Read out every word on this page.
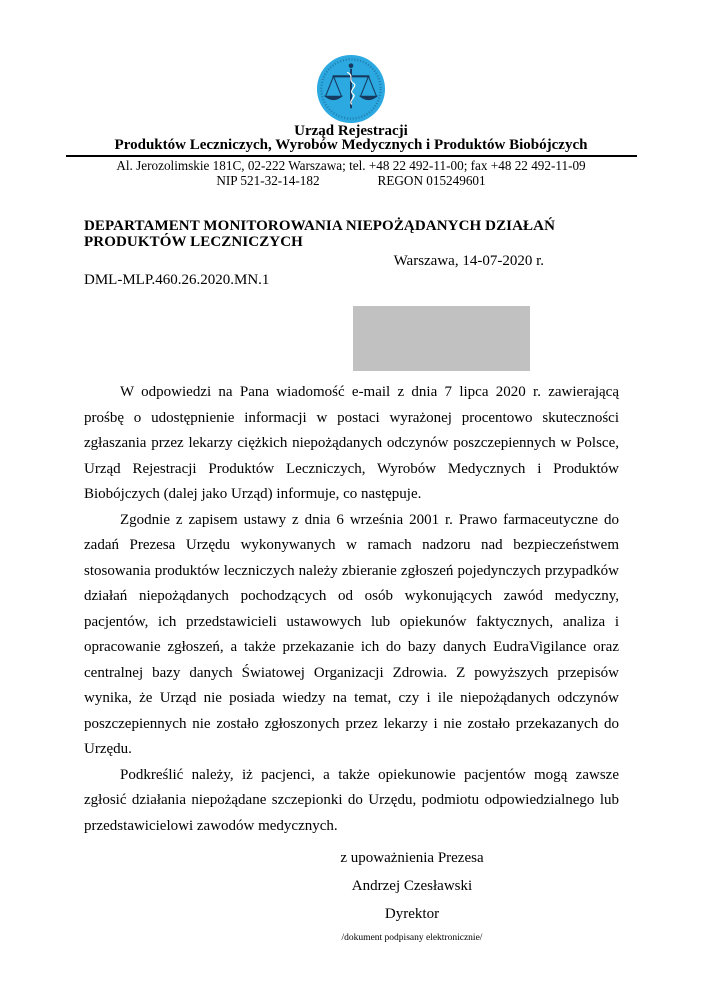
Urząd Rejestracji
Produktów Leczniczych, Wyrobów Medycznych i Produktów Biobójczych
Al. Jerozolimskie 181C, 02-222 Warszawa; tel. +48 22 492-11-00; fax +48 22 492-11-09
NIP 521-32-14-182	REGON 015249601
DEPARTAMENT MONITOROWANIA NIEPOŻĄDANYCH DZIAŁAŃ
PRODUKTÓW LECZNICZYCH
Warszawa, 14-07-2020 r.
DML-MLP.460.26.2020.MN.1

W odpowiedzi na Pana wiadomość e-mail z dnia 7 lipca 2020 r. zawierającą prośbę o udostępnienie informacji w postaci wyrażonej procentowo skuteczności zgłaszania przez lekarzy ciężkich niepożądanych odczynów poszczepiennych w Polsce, Urząd Rejestracji Produktów Leczniczych, Wyrobów Medycznych i Produktów Biobójczych (dalej jako Urząd) informuje, co następuje.

Zgodnie z zapisem ustawy z dnia 6 września 2001 r. Prawo farmaceutyczne do zadań Prezesa Urzędu wykonywanych w ramach nadzoru nad bezpieczeństwem stosowania produktów leczniczych należy zbieranie zgłoszeń pojedynczych przypadków działań niepożądanych pochodzących od osób wykonujących zawód medyczny, pacjentów, ich przedstawicieli ustawowych lub opiekunów faktycznych, analiza i opracowanie zgłoszeń, a także przekazanie ich do bazy danych EudraVigilance oraz centralnej bazy danych Światowej Organizacji Zdrowia. Z powyższych przepisów wynika, że Urząd nie posiada wiedzy na temat, czy i ile niepożądanych odczynów poszczepiennych nie zostało zgłoszonych przez lekarzy i nie zostało przekazanych do Urzędu.

Podkreślić należy, iż pacjenci, a także opiekunowie pacjentów mogą zawsze zgłosić działania niepożądane szczepionki do Urzędu, podmiotu odpowiedzialnego lub przedstawicielowi zawodów medycznych.

z upoważnienia Prezesa
Andrzej Czesławski
Dyrektor
/dokument podpisany elektronicznie/
